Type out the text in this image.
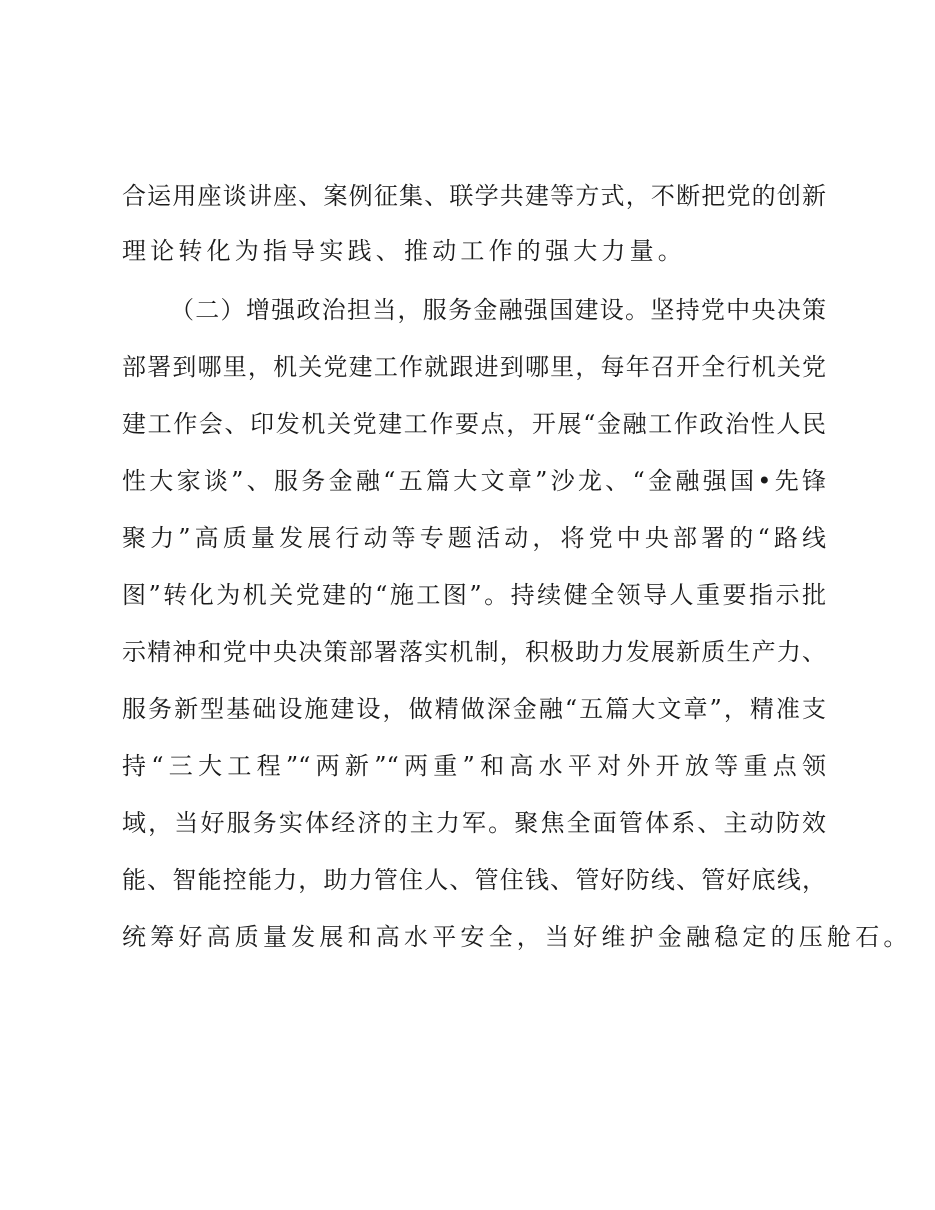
合运用座谈讲座、案例征集、联学共建等方式，不断把党的创新
理论转化为指导实践、推动工作的强大力量。
（二）增强政治担当，服务金融强国建设。坚持党中央决策
部署到哪里，机关党建工作就跟进到哪里，每年召开全行机关党
建工作会、印发机关党建工作要点，开展“金融工作政治性人民
性大家谈”、服务金融“五篇大文章”沙龙、“金融强国•先锋
聚力”高质量发展行动等专题活动，将党中央部署的“路线
图”转化为机关党建的“施工图”。持续健全领导人重要指示批
示精神和党中央决策部署落实机制，积极助力发展新质生产力、
服务新型基础设施建设，做精做深金融“五篇大文章”，精准支
持“三大工程”“两新”“两重”和高水平对外开放等重点领
域，当好服务实体经济的主力军。聚焦全面管体系、主动防效
能、智能控能力，助力管住人、管住钱、管好防线、管好底线，
统筹好高质量发展和高水平安全，当好维护金融稳定的压舱石。
